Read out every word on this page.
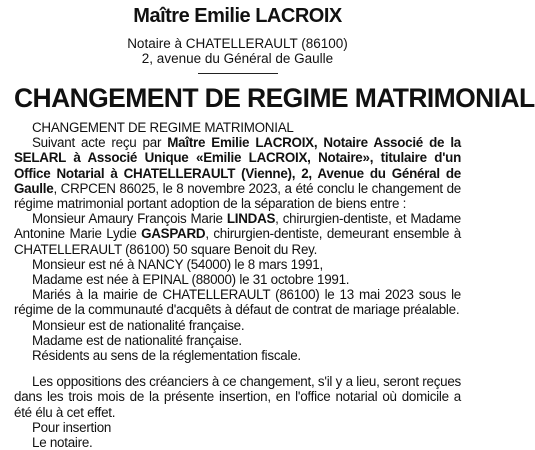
Maître Emilie LACROIX
Notaire à CHATELLERAULT (86100)
2, avenue du Général de Gaulle
CHANGEMENT DE REGIME MATRIMONIAL

CHANGEMENT DE REGIME MATRIMONIAL

Suivant acte reçu par Maître Emilie LACROIX, Notaire Associé de la SELARL à Associé Unique «Emilie LACROIX, Notaire», titulaire d'un Office Notarial à CHATELLERAULT (Vienne), 2, Avenue du Général de Gaulle, CRPCEN 86025, le 8 novembre 2023, a été conclu le changement de régime matrimonial portant adoption de la séparation de biens entre :

Monsieur Amaury François Marie LINDAS, chirurgien-dentiste, et Madame Antonine Marie Lydie GASPARD, chirurgien-dentiste, demeurant ensemble à CHATELLERAULT (86100) 50 square Benoit du Rey.

Monsieur est né à NANCY (54000) le 8 mars 1991,

Madame est née à EPINAL (88000) le 31 octobre 1991.

Mariés à la mairie de CHATELLERAULT (86100) le 13 mai 2023 sous le régime de la communauté d'acquêts à défaut de contrat de mariage préalable.

Monsieur est de nationalité française.

Madame est de nationalité française.

Résidents au sens de la réglementation fiscale.

Les oppositions des créanciers à ce changement, s'il y a lieu, seront reçues dans les trois mois de la présente insertion, en l'office notarial où domicile a été élu à cet effet.

Pour insertion

Le notaire.
